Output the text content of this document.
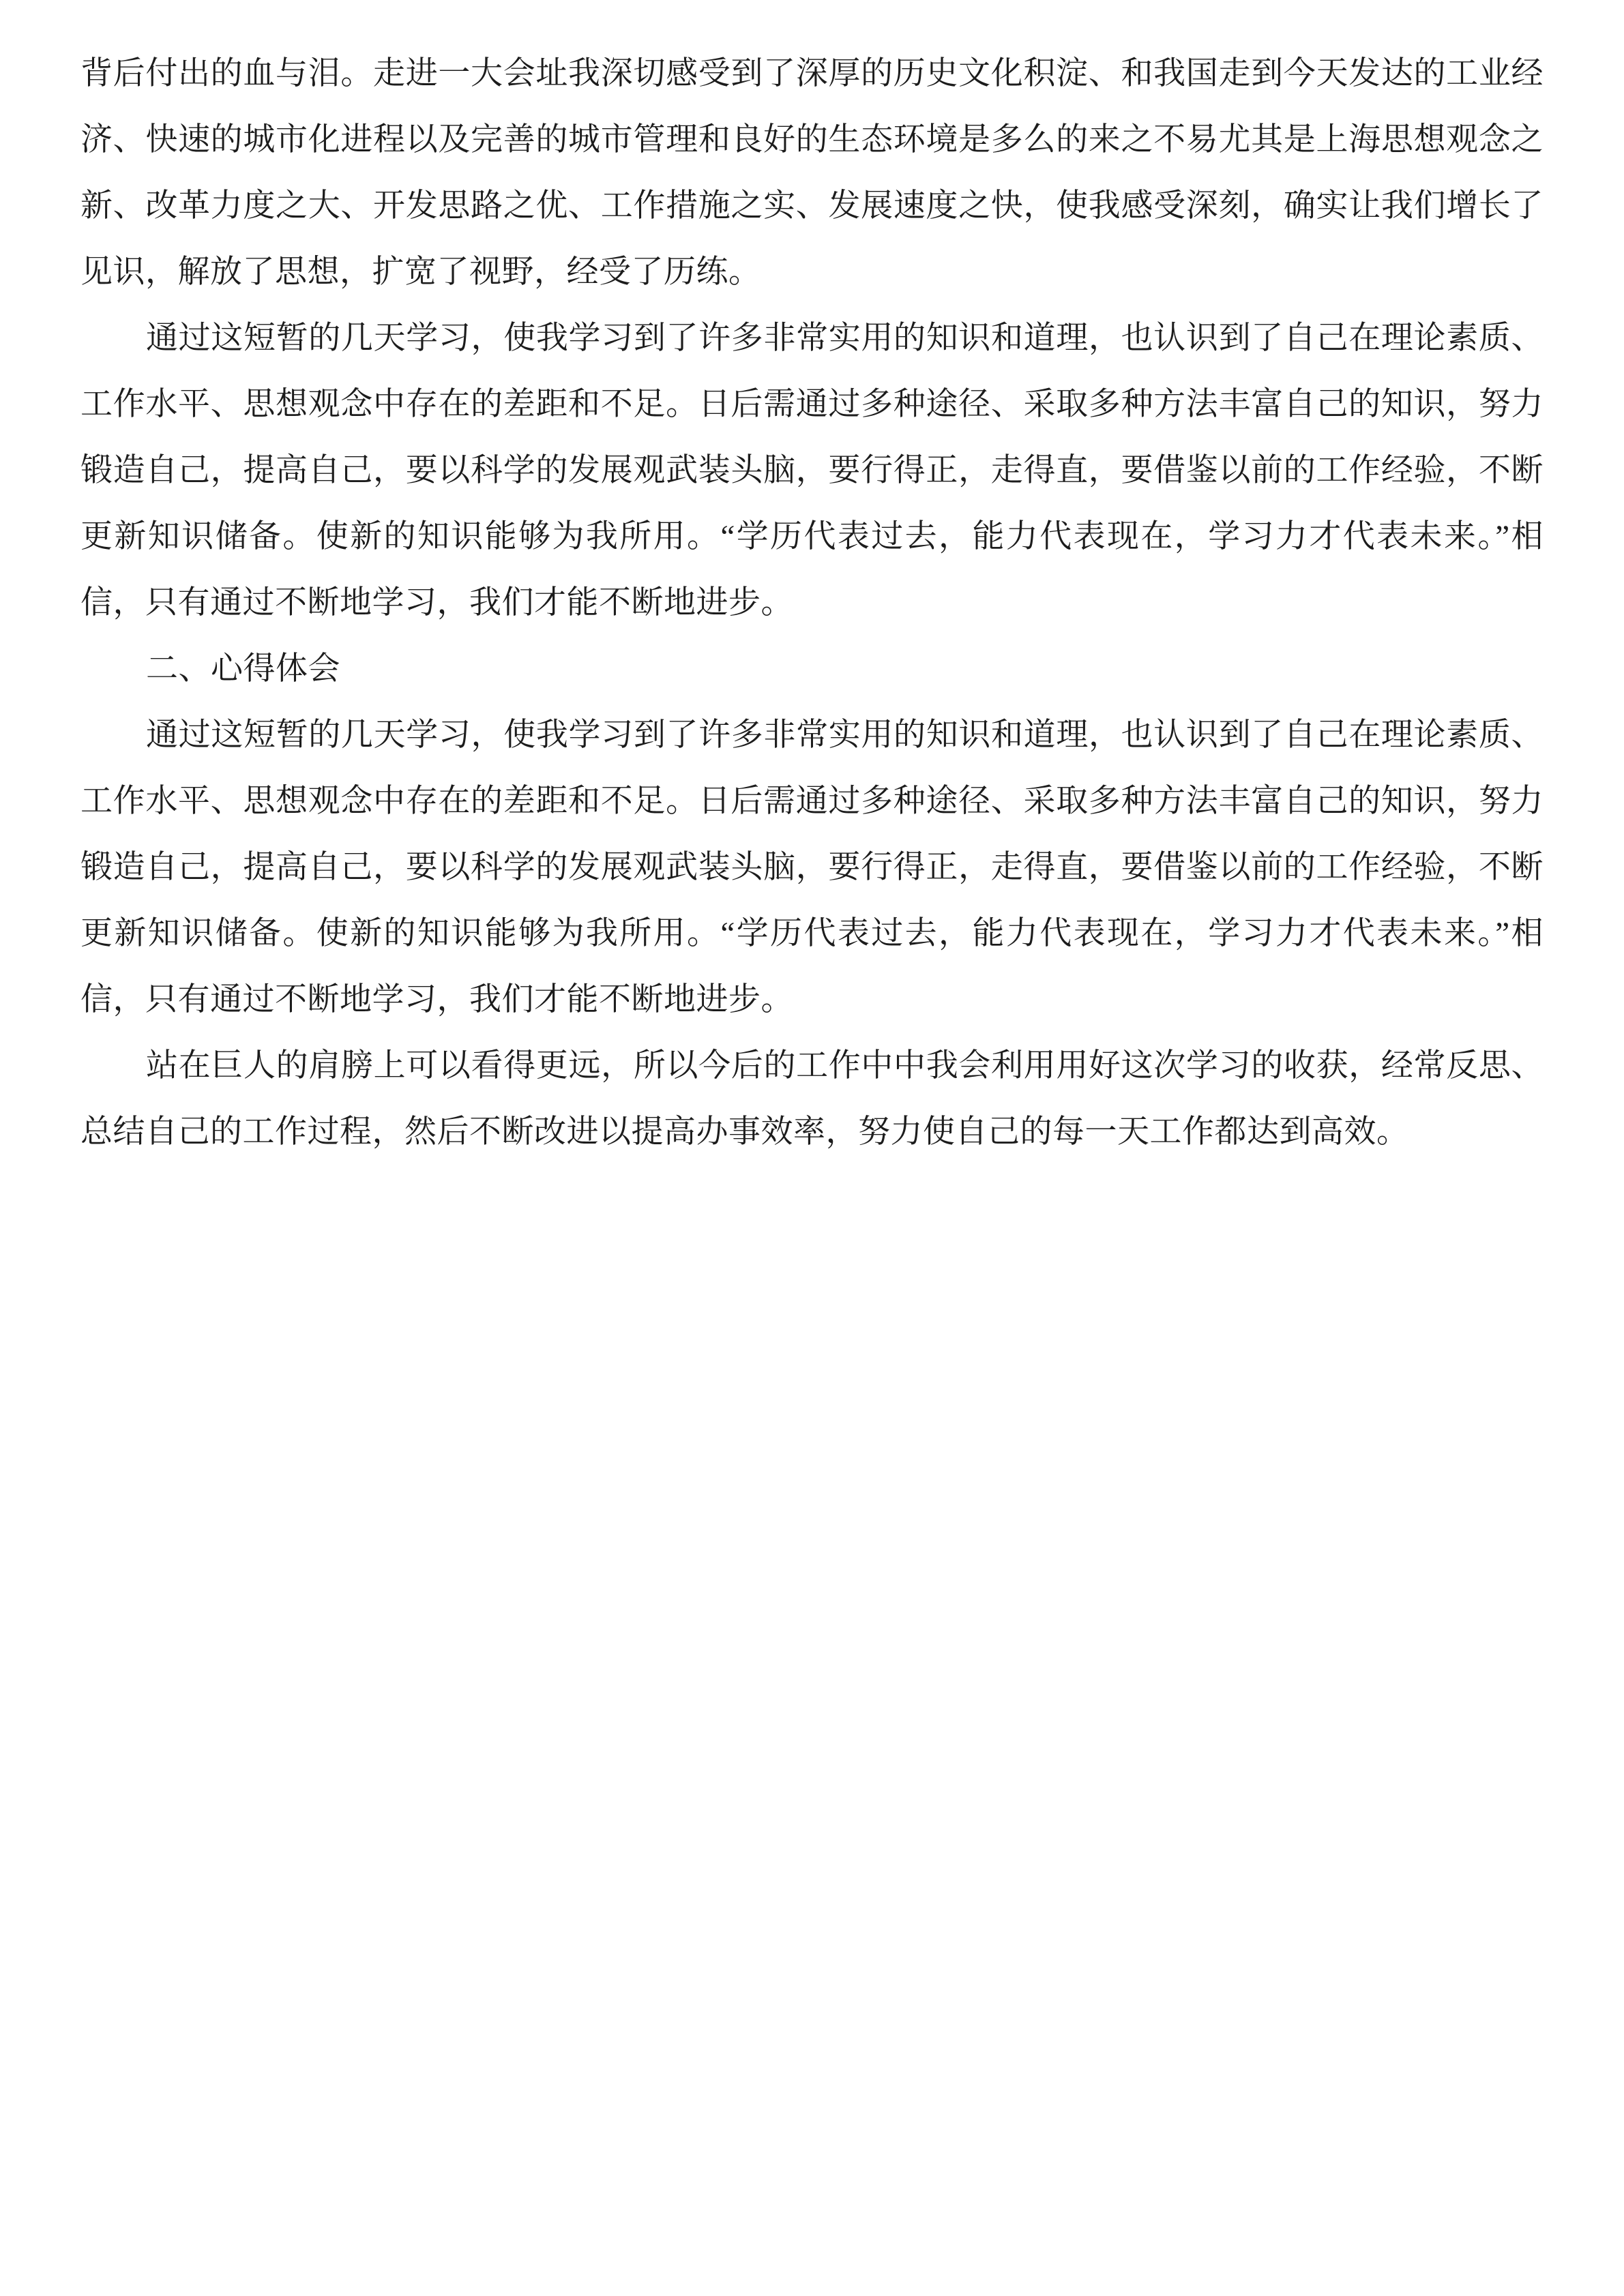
背后付出的血与泪。走进一大会址我深切感受到了深厚的历史文化积淀、和我国走到今天发达的工业经济、快速的城市化进程以及完善的城市管理和良好的生态环境是多么的来之不易尤其是上海思想观念之新、改革力度之大、开发思路之优、工作措施之实、发展速度之快，使我感受深刻，确实让我们增长了见识，解放了思想，扩宽了视野，经受了历练。

通过这短暂的几天学习，使我学习到了许多非常实用的知识和道理，也认识到了自己在理论素质、工作水平、思想观念中存在的差距和不足。日后需通过多种途径、采取多种方法丰富自己的知识，努力锻造自己，提高自己，要以科学的发展观武装头脑，要行得正，走得直，要借鉴以前的工作经验，不断更新知识储备。使新的知识能够为我所用。“学历代表过去，能力代表现在，学习力才代表未来。”相信，只有通过不断地学习，我们才能不断地进步。

二、心得体会

通过这短暂的几天学习，使我学习到了许多非常实用的知识和道理，也认识到了自己在理论素质、工作水平、思想观念中存在的差距和不足。日后需通过多种途径、采取多种方法丰富自己的知识，努力锻造自己，提高自己，要以科学的发展观武装头脑，要行得正，走得直，要借鉴以前的工作经验，不断更新知识储备。使新的知识能够为我所用。“学历代表过去，能力代表现在，学习力才代表未来。”相信，只有通过不断地学习，我们才能不断地进步。

站在巨人的肩膀上可以看得更远，所以今后的工作中中我会利用用好这次学习的收获，经常反思、总结自己的工作过程，然后不断改进以提高办事效率，努力使自己的每一天工作都达到高效。
